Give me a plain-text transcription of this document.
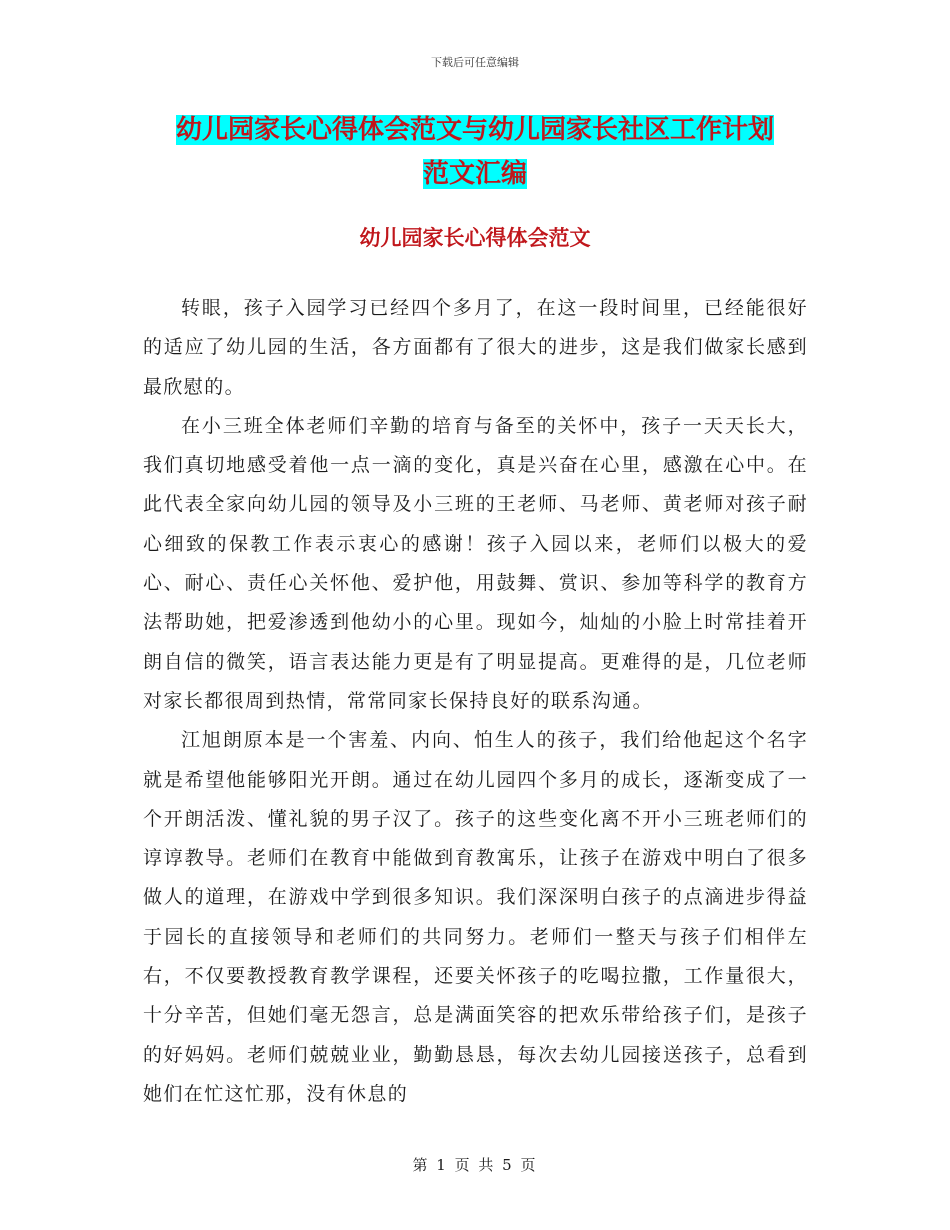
下载后可任意编辑
幼儿园家长心得体会范文与幼儿园家长社区工作计划
范文汇编
幼儿园家长心得体会范文

转眼，孩子入园学习已经四个多月了，在这一段时间里，已经能很好的适应了幼儿园的生活，各方面都有了很大的进步，这是我们做家长感到最欣慰的。

在小三班全体老师们辛勤的培育与备至的关怀中，孩子一天天长大，我们真切地感受着他一点一滴的变化，真是兴奋在心里，感激在心中。在此代表全家向幼儿园的领导及小三班的王老师、马老师、黄老师对孩子耐心细致的保教工作表示衷心的感谢！孩子入园以来，老师们以极大的爱心、耐心、责任心关怀他、爱护他，用鼓舞、赏识、参加等科学的教育方法帮助她，把爱渗透到他幼小的心里。现如今，灿灿的小脸上时常挂着开朗自信的微笑，语言表达能力更是有了明显提高。更难得的是，几位老师对家长都很周到热情，常常同家长保持良好的联系沟通。

江旭朗原本是一个害羞、内向、怕生人的孩子，我们给他起这个名字就是希望他能够阳光开朗。通过在幼儿园四个多月的成长，逐渐变成了一个开朗活泼、懂礼貌的男子汉了。孩子的这些变化离不开小三班老师们的谆谆教导。老师们在教育中能做到育教寓乐，让孩子在游戏中明白了很多做人的道理，在游戏中学到很多知识。我们深深明白孩子的点滴进步得益于园长的直接领导和老师们的共同努力。老师们一整天与孩子们相伴左右，不仅要教授教育教学课程，还要关怀孩子的吃喝拉撒，工作量很大，十分辛苦，但她们毫无怨言，总是满面笑容的把欢乐带给孩子们，是孩子的好妈妈。老师们兢兢业业，勤勤恳恳，每次去幼儿园接送孩子，总看到她们在忙这忙那，没有休息的

第 1 页 共 5 页
